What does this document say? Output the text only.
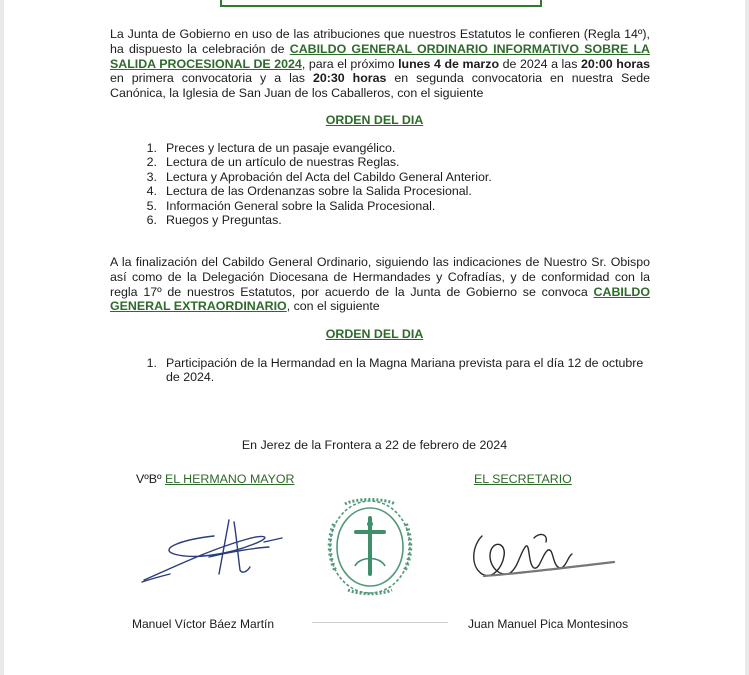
La Junta de Gobierno en uso de las atribuciones que nuestros Estatutos le confieren (Regla 14º), ha dispuesto la celebración de CABILDO GENERAL ORDINARIO INFORMATIVO SOBRE LA SALIDA PROCESIONAL DE 2024, para el próximo lunes 4 de marzo de 2024 a las 20:00 horas en primera convocatoria y a las 20:30 horas en segunda convocatoria en nuestra Sede Canónica, la Iglesia de San Juan de los Caballeros, con el siguiente

ORDEN DEL DIA

1. Preces y lectura de un pasaje evangélico.
2. Lectura de un artículo de nuestras Reglas.
3. Lectura y Aprobación del Acta del Cabildo General Anterior.
4. Lectura de las Ordenanzas sobre la Salida Procesional.
5. Información General sobre la Salida Procesional.
6. Ruegos y Preguntas.

A la finalización del Cabildo General Ordinario, siguiendo las indicaciones de Nuestro Sr. Obispo así como de la Delegación Diocesana de Hermandades y Cofradías, y de conformidad con la regla 17º de nuestros Estatutos, por acuerdo de la Junta de Gobierno se convoca CABILDO GENERAL EXTRAORDINARIO, con el siguiente

ORDEN DEL DIA

1. Participación de la Hermandad en la Magna Mariana prevista para el día 12 de octubre de 2024.

En Jerez de la Frontera a 22 de febrero de 2024

VºBº EL HERMANO MAYOR	EL SECRETARIO

Manuel Víctor Báez Martín	Juan Manuel Pica Montesinos
